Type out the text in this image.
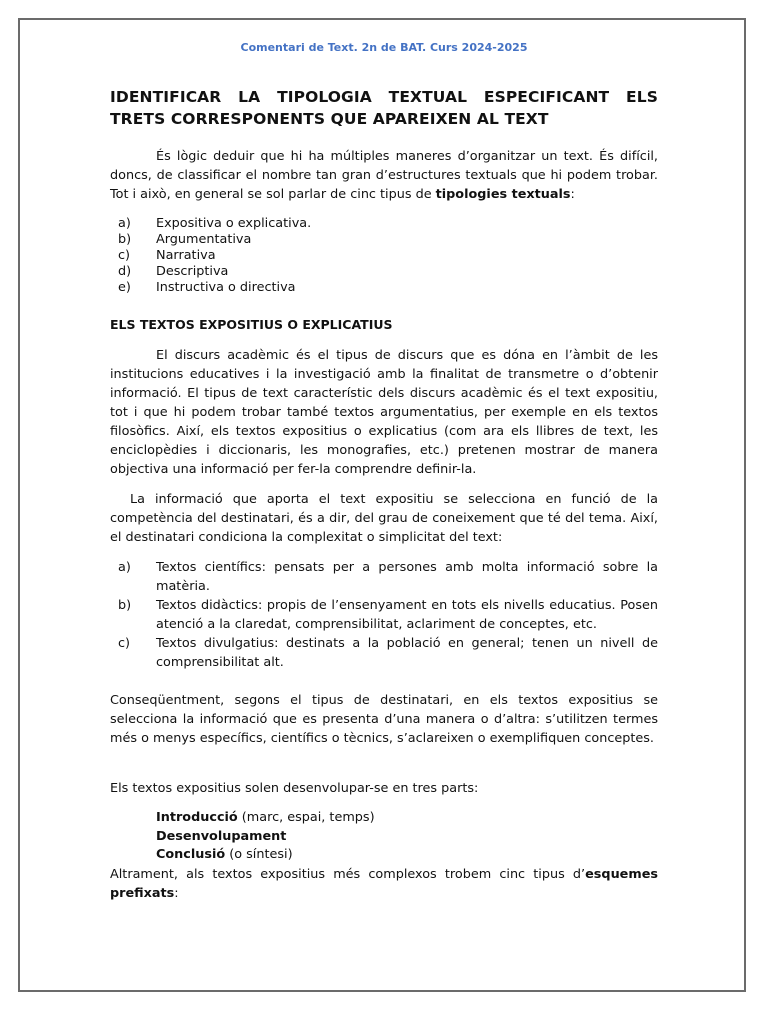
Comentari de Text. 2n de BAT. Curs 2024-2025
IDENTIFICAR LA TIPOLOGIA TEXTUAL ESPECIFICANT ELS TRETS CORRESPONENTS QUE APAREIXEN AL TEXT

És lògic deduir que hi ha múltiples maneres d’organitzar un text. És difícil, doncs, de classificar el nombre tan gran d’estructures textuals que hi podem trobar. Tot i això, en general se sol parlar de cinc tipus de tipologies textuals:

a)	Expositiva o explicativa.
b)	Argumentativa
c)	Narrativa
d)	Descriptiva
e)	Instructiva o directiva
ELS TEXTOS EXPOSITIUS O EXPLICATIUS

El discurs acadèmic és el tipus de discurs que es dóna en l’àmbit de les institucions educatives i la investigació amb la finalitat de transmetre o d’obtenir informació. El tipus de text característic dels discurs acadèmic és el text expositiu, tot i que hi podem trobar també textos argumentatius, per exemple en els textos filosòfics. Així, els textos expositius o explicatius (com ara els llibres de text, les enciclopèdies i diccionaris, les monografies, etc.) pretenen mostrar de manera objectiva una informació per fer-la comprendre definir-la.

La informació que aporta el text expositiu se selecciona en funció de la competència del destinatari, és a dir, del grau de coneixement que té del tema. Així, el destinatari condiciona la complexitat o simplicitat del text:

a)	Textos científics: pensats per a persones amb molta informació sobre la matèria.
b)	Textos didàctics: propis de l’ensenyament en tots els nivells educatius. Posen atenció a la claredat, comprensibilitat, aclariment de conceptes, etc.
c)	Textos divulgatius: destinats a la població en general; tenen un nivell de comprensibilitat alt.

Conseqüentment, segons el tipus de destinatari, en els textos expositius se selecciona la informació que es presenta d’una manera o d’altra: s’utilitzen termes més o menys específics, científics o tècnics, s’aclareixen o exemplifiquen conceptes.

Els textos expositius solen desenvolupar-se en tres parts:

Introducció (marc, espai, temps)
Desenvolupament
Conclusió (o síntesi)

Altrament, als textos expositius més complexos trobem cinc tipus d’esquemes prefixats:
